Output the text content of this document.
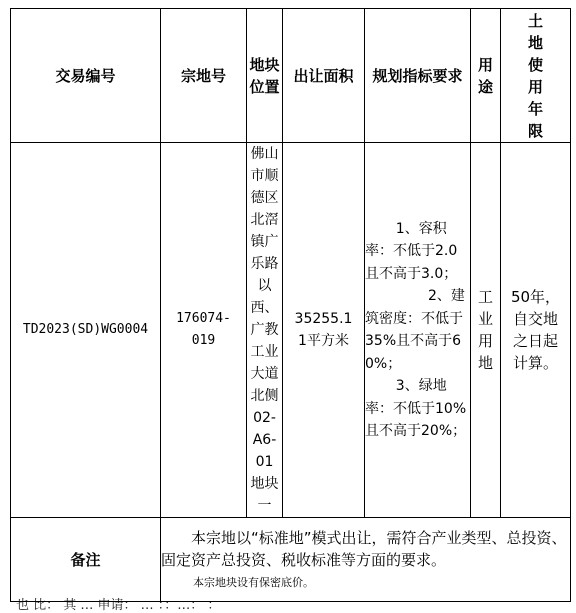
交易编号	宗地号	地块位置	出让面积	规划指标要求	用途	土地使用年限
TD2023(SD)WG0004	176074-019	佛山市顺德区北滘镇广乐路以西、广教工业大道北侧02-A6-01地块一	35255.11平方米	1、容积率：不低于2.0且不高于3.0；

2、建筑密度：不低于35%且不高于60%；

3、绿地率：不低于10%且不高于20%；	工业用地	50年，自交地之日起计算。
备注	本宗地以“标准地”模式出让，需符合产业类型、总投资、固定资产总投资、税收标准等方面的要求。

本宗地块设有保密底价。					

也 比： 其 … 申请： … ：：…： ：
